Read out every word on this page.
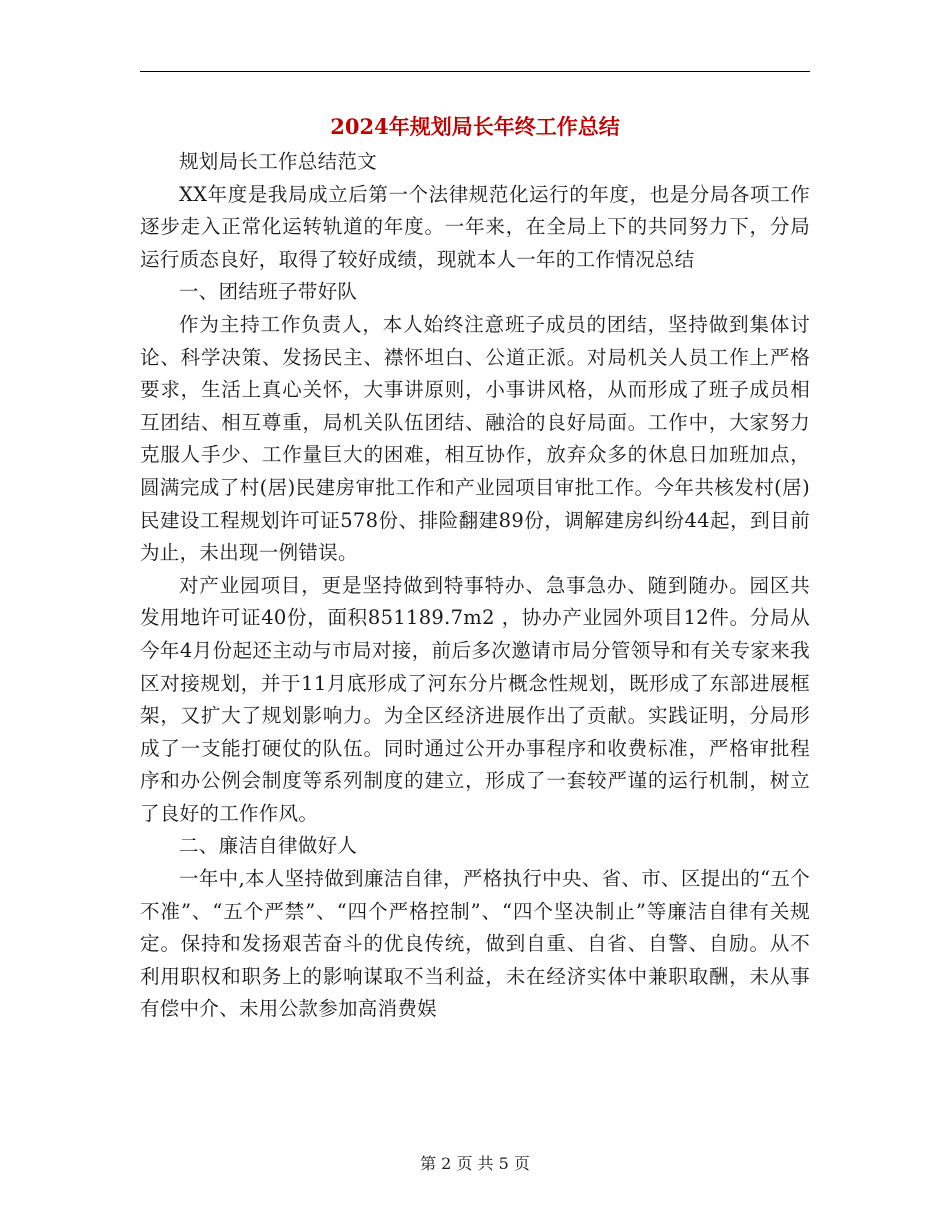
2024年规划局长年终工作总结

规划局长工作总结范文

XX年度是我局成立后第一个法律规范化运行的年度，也是分局各项工作逐步走入正常化运转轨道的年度。一年来，在全局上下的共同努力下，分局运行质态良好，取得了较好成绩，现就本人一年的工作情况总结

一、团结班子带好队

作为主持工作负责人，本人始终注意班子成员的团结，坚持做到集体讨论、科学决策、发扬民主、襟怀坦白、公道正派。对局机关人员工作上严格要求，生活上真心关怀，大事讲原则，小事讲风格，从而形成了班子成员相互团结、相互尊重，局机关队伍团结、融洽的良好局面。工作中，大家努力克服人手少、工作量巨大的困难，相互协作，放弃众多的休息日加班加点，圆满完成了村(居)民建房审批工作和产业园项目审批工作。今年共核发村(居)民建设工程规划许可证578份、排险翻建89份，调解建房纠纷44起，到目前为止，未出现一例错误。

对产业园项目，更是坚持做到特事特办、急事急办、随到随办。园区共发用地许可证40份，面积851189.7m2 ，协办产业园外项目12件。分局从今年4月份起还主动与市局对接，前后多次邀请市局分管领导和有关专家来我区对接规划，并于11月底形成了河东分片概念性规划，既形成了东部进展框架，又扩大了规划影响力。为全区经济进展作出了贡献。实践证明，分局形成了一支能打硬仗的队伍。同时通过公开办事程序和收费标准，严格审批程序和办公例会制度等系列制度的建立，形成了一套较严谨的运行机制，树立了良好的工作作风。

二、廉洁自律做好人

一年中,本人坚持做到廉洁自律，严格执行中央、省、市、区提出的“五个不准”、“五个严禁”、“四个严格控制”、“四个坚决制止”等廉洁自律有关规定。保持和发扬艰苦奋斗的优良传统，做到自重、自省、自警、自励。从不利用职权和职务上的影响谋取不当利益，未在经济实体中兼职取酬，未从事有偿中介、未用公款参加高消费娱

第 2 页 共 5 页
